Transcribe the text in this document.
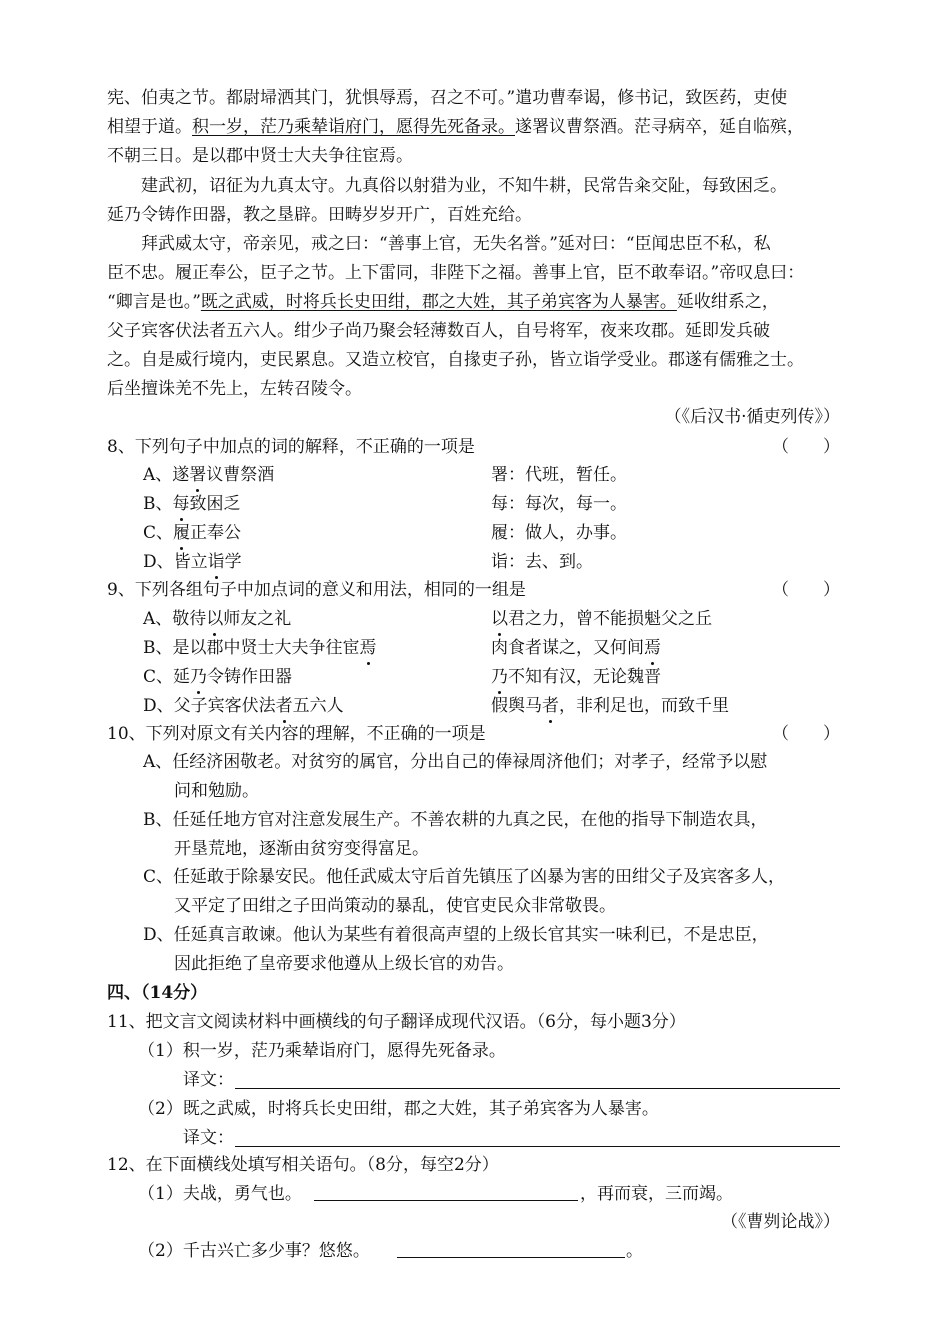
宪、伯夷之节。都尉埽洒其门，犹惧辱焉，召之不可。”遣功曹奉谒，修书记，致医药，吏使
相望于道。积一岁，茫乃乘辇诣府门，愿得先死备录。遂署议曹祭酒。茫寻病卒，延自临殡，
不朝三日。是以郡中贤士大夫争往宦焉。
建武初，诏征为九真太守。九真俗以射猎为业，不知牛耕，民常告籴交阯，每致困乏。
延乃令铸作田器，教之垦辟。田畴岁岁开广，百姓充给。
拜武威太守，帝亲见，戒之曰：“善事上官，无失名誉。”延对曰：“臣闻忠臣不私，私
臣不忠。履正奉公，臣子之节。上下雷同，非陛下之福。善事上官，臣不敢奉诏。”帝叹息曰：
“卿言是也。”既之武威，时将兵长史田绀，郡之大姓，其子弟宾客为人暴害。延收绀系之，
父子宾客伏法者五六人。绀少子尚乃聚会轻薄数百人，自号将军，夜来攻郡。延即发兵破
之。自是威行境内，吏民累息。又造立校官，自掾吏子孙，皆立诣学受业。郡遂有儒雅之士。
后坐擅诛羌不先上，左转召陵令。
（《后汉书·循吏列传》）
8、下列句子中加点的词的解释，不正确的一项是	（　　）
A、遂署议曹祭酒	署：代班，暂任。
B、每致困乏	每：每次，每一。
C、履正奉公	履：做人，办事。
D、皆立诣学	诣：去、到。
9、下列各组句子中加点词的意义和用法，相同的一组是	（　　）
A、敬待以师友之礼	以君之力，曾不能损魁父之丘
B、是以郡中贤士大夫争往宦焉	肉食者谋之，又何间焉
C、延乃令铸作田器	乃不知有汉，无论魏晋
D、父子宾客伏法者五六人	假舆马者，非利足也，而致千里
10、下列对原文有关内容的理解，不正确的一项是	（　　）
A、任经济困敬老。对贫穷的属官，分出自己的俸禄周济他们；对孝子，经常予以慰
问和勉励。
B、任延任地方官对注意发展生产。不善农耕的九真之民，在他的指导下制造农具，
开垦荒地，逐渐由贫穷变得富足。
C、任延敢于除暴安民。他任武威太守后首先镇压了凶暴为害的田绀父子及宾客多人，
又平定了田绀之子田尚策动的暴乱，使官吏民众非常敬畏。
D、任延真言敢谏。他认为某些有着很高声望的上级长官其实一味利已，不是忠臣，
因此拒绝了皇帝要求他遵从上级长官的劝告。
四、（14分）
11、把文言文阅读材料中画横线的句子翻译成现代汉语。（6分，每小题3分）
（1）积一岁，茫乃乘辇诣府门，愿得先死备录。
译文：
（2）既之武威，时将兵长史田绀，郡之大姓，其子弟宾客为人暴害。
译文：
12、在下面横线处填写相关语句。（8分，每空2分）
（1）夫战，勇气也。	，再而衰，三而竭。
（《曹刿论战》）
（2）千古兴亡多少事？悠悠。	。
